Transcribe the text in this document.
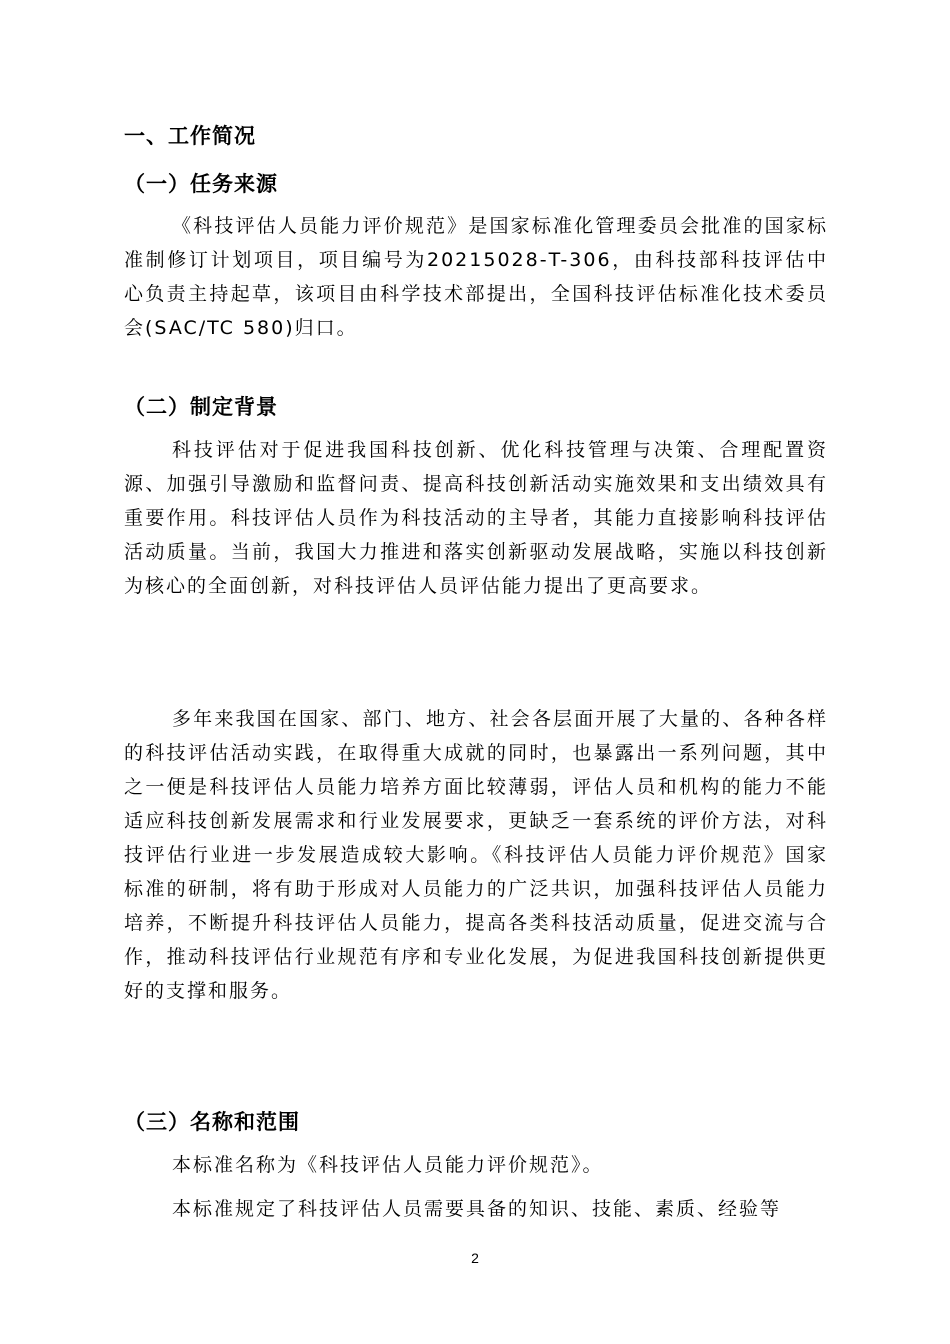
一、工作简况
（一）任务来源
《科技评估人员能力评价规范》是国家标准化管理委员会批准的国家标准制修订计划项目，项目编号为20215028-T-306，由科技部科技评估中心负责主持起草，该项目由科学技术部提出，全国科技评估标准化技术委员会(SAC/TC 580)归口。
（二）制定背景
科技评估对于促进我国科技创新、优化科技管理与决策、合理配置资源、加强引导激励和监督问责、提高科技创新活动实施效果和支出绩效具有重要作用。科技评估人员作为科技活动的主导者，其能力直接影响科技评估活动质量。当前，我国大力推进和落实创新驱动发展战略，实施以科技创新为核心的全面创新，对科技评估人员评估能力提出了更高要求。
多年来我国在国家、部门、地方、社会各层面开展了大量的、各种各样的科技评估活动实践，在取得重大成就的同时，也暴露出一系列问题，其中之一便是科技评估人员能力培养方面比较薄弱，评估人员和机构的能力不能适应科技创新发展需求和行业发展要求，更缺乏一套系统的评价方法，对科技评估行业进一步发展造成较大影响。《科技评估人员能力评价规范》国家标准的研制，将有助于形成对人员能力的广泛共识，加强科技评估人员能力培养，不断提升科技评估人员能力，提高各类科技活动质量，促进交流与合作，推动科技评估行业规范有序和专业化发展，为促进我国科技创新提供更好的支撑和服务。
（三）名称和范围
本标准名称为《科技评估人员能力评价规范》。
本标准规定了科技评估人员需要具备的知识、技能、素质、经验等
2
